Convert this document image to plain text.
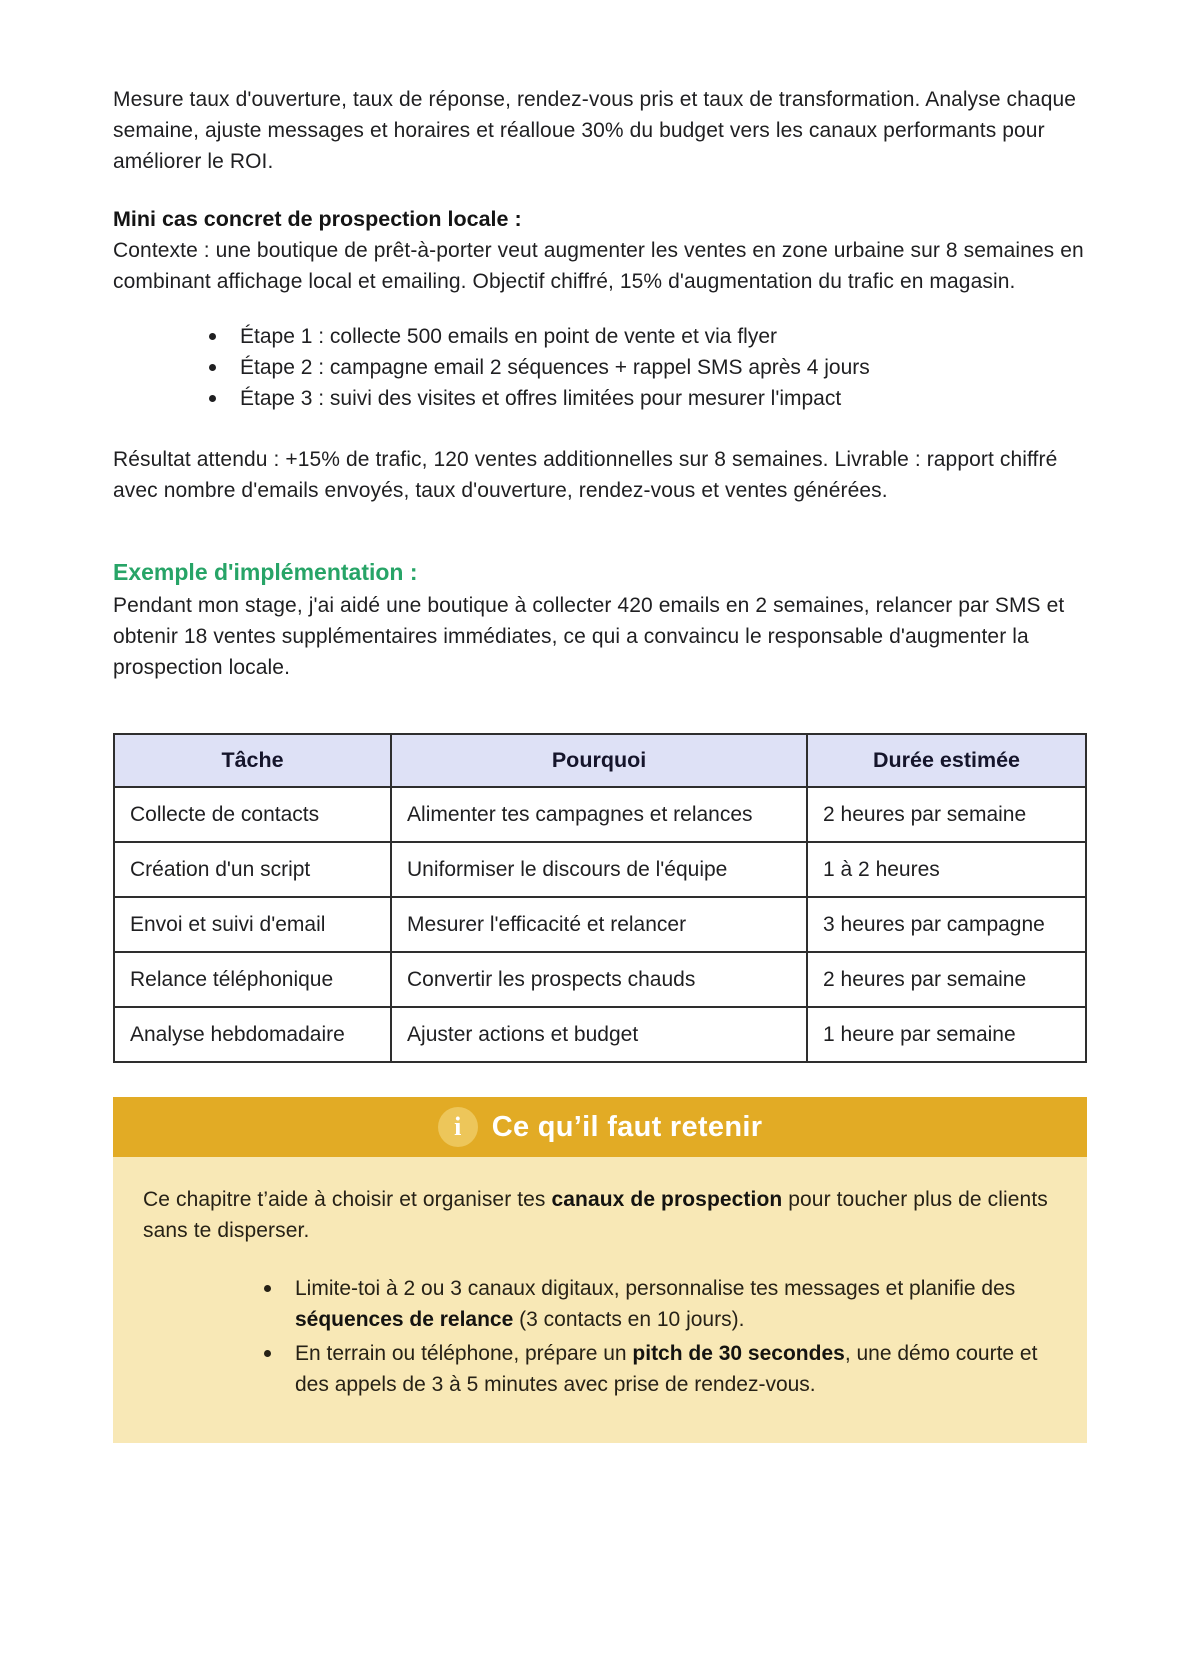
Mesure taux d'ouverture, taux de réponse, rendez-vous pris et taux de transformation. Analyse chaque semaine, ajuste messages et horaires et réalloue 30% du budget vers les canaux performants pour améliorer le ROI.

Mini cas concret de prospection locale :

Contexte : une boutique de prêt-à-porter veut augmenter les ventes en zone urbaine sur 8 semaines en combinant affichage local et emailing. Objectif chiffré, 15% d'augmentation du trafic en magasin.

Étape 1 : collecte 500 emails en point de vente et via flyer
Étape 2 : campagne email 2 séquences + rappel SMS après 4 jours
Étape 3 : suivi des visites et offres limitées pour mesurer l'impact

Résultat attendu : +15% de trafic, 120 ventes additionnelles sur 8 semaines. Livrable : rapport chiffré avec nombre d'emails envoyés, taux d'ouverture, rendez-vous et ventes générées.

Exemple d'implémentation :

Pendant mon stage, j'ai aidé une boutique à collecter 420 emails en 2 semaines, relancer par SMS et obtenir 18 ventes supplémentaires immédiates, ce qui a convaincu le responsable d'augmenter la prospection locale.

Tâche	Pourquoi	Durée estimée
Collecte de contacts	Alimenter tes campagnes et relances	2 heures par semaine
Création d'un script	Uniformiser le discours de l'équipe	1 à 2 heures
Envoi et suivi d'email	Mesurer l'efficacité et relancer	3 heures par campagne
Relance téléphonique	Convertir les prospects chauds	2 heures par semaine
Analyse hebdomadaire	Ajuster actions et budget	1 heure par semaine
i Ce qu’il faut retenir

Ce chapitre t’aide à choisir et organiser tes canaux de prospection pour toucher plus de clients sans te disperser.

Limite-toi à 2 ou 3 canaux digitaux, personnalise tes messages et planifie des séquences de relance (3 contacts en 10 jours).
En terrain ou téléphone, prépare un pitch de 30 secondes, une démo courte et des appels de 3 à 5 minutes avec prise de rendez-vous.
